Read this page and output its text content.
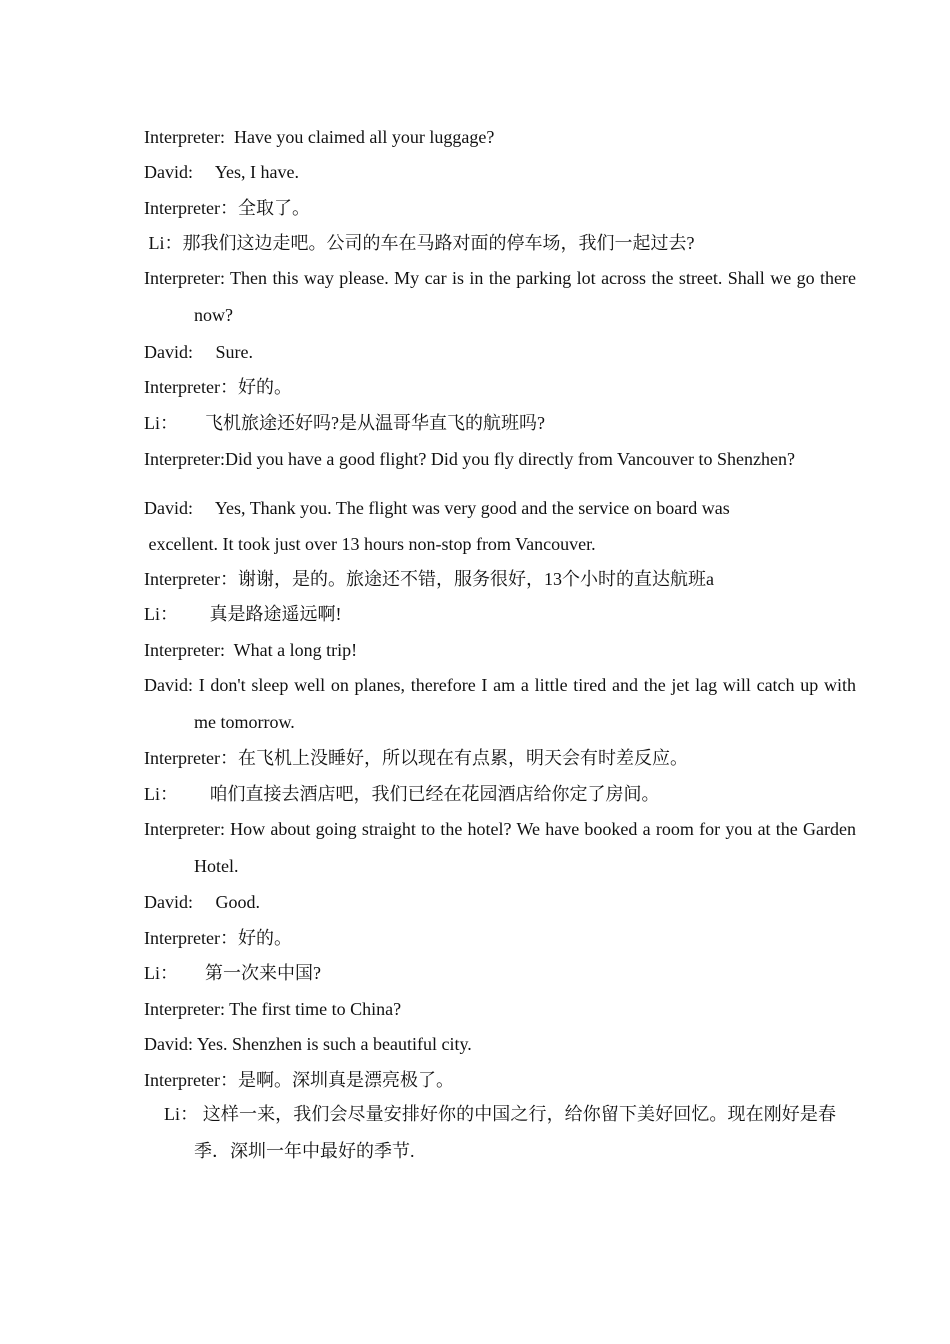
Interpreter:  Have you claimed all your luggage?
David:     Yes, I have.
Interpreter：全取了。
Li：那我们这边走吧。公司的车在马路对面的停车场，我们一起过去?
Interpreter: Then this way please. My car is in the parking lot across the street. Shall we go there now?
David:     Sure.
Interpreter：好的。
Li：      飞机旅途还好吗?是从温哥华直飞的航班吗?
Interpreter:Did you have a good flight? Did you fly directly from Vancouver to Shenzhen?
David:     Yes, Thank you. The flight was very good and the service on board was
excellent. It took just over 13 hours non-stop from Vancouver.
Interpreter：谢谢，是的。旅途还不错，服务很好，13个小时的直达航班a
Li：       真是路途遥远啊!
Interpreter:  What a long trip!
David: I don't sleep well on planes, therefore I am a little tired and the jet lag will catch up with me tomorrow.
Interpreter：在飞机上没睡好，所以现在有点累，明天会有时差反应。
Li：       咱们直接去酒店吧，我们已经在花园酒店给你定了房间。
Interpreter: How about going straight to the hotel? We have booked a room for you at the Garden Hotel.
David:     Good.
Interpreter：好的。
Li：      第一次来中国?
Interpreter: The first time to China?
David: Yes. Shenzhen is such a beautiful city.
Interpreter：是啊。深圳真是漂亮极了。
Li： 这样一来，我们会尽量安排好你的中国之行，给你留下美好回忆。现在刚好是春季．深圳一年中最好的季节.
